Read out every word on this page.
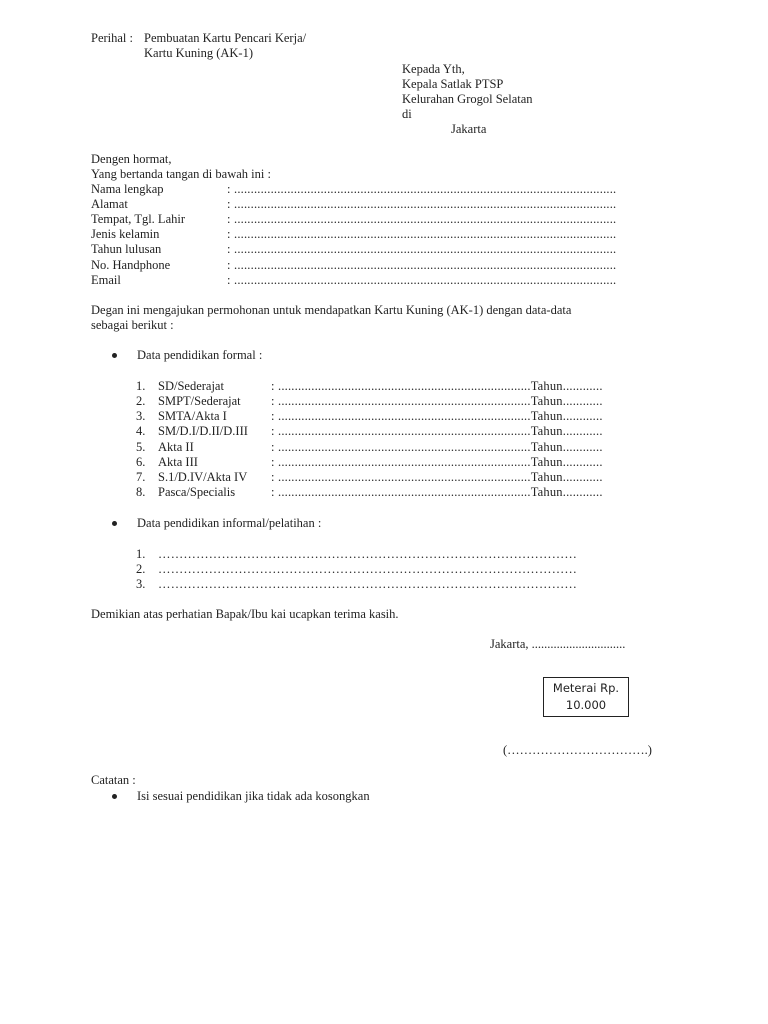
Perihal : Pembuatan Kartu Pencari Kerja/
Kartu Kuning (AK-1)
Kepada Yth,
Kepala Satlak PTSP
Kelurahan Grogol Selatan
di
Jakarta
Dengen hormat,
Yang bertanda tangan di bawah ini :
Nama lengkap	: ...................................................................................................................
Alamat	: ...................................................................................................................
Tempat, Tgl. Lahir	: ...................................................................................................................
Jenis kelamin	: ...................................................................................................................
Tahun lulusan	: ...................................................................................................................
No. Handphone	: ...................................................................................................................
Email	: ...................................................................................................................
Degan ini mengajukan permohonan untuk mendapatkan Kartu Kuning (AK-1) dengan data-data
sebagai berikut :
Data pendidikan formal :
1. SD/Sederajat	: ............................................................................Tahun............
2. SMPT/Sederajat : ............................................................................Tahun............
3. SMTA/Akta I	: ............................................................................Tahun............
4. SM/D.I/D.II/D.III : ............................................................................Tahun............
5. Akta II	: ............................................................................Tahun............
6. Akta III	: ............................................................................Tahun............
7. S.1/D.IV/Akta IV : ............................................................................Tahun............
8. Pasca/Specialis	: ............................................................................Tahun............
Data pendidikan informal/pelatihan :
1. ………………………………………………………………………………………
2. ………………………………………………………………………………………
3. ………………………………………………………………………………………
Demikian atas perhatian Bapak/Ibu kai ucapkan terima kasih.
Jakarta, ..............................
Meterai Rp.
10.000
(…………………………….)
Catatan :
Isi sesuai pendidikan jika tidak ada kosongkan
